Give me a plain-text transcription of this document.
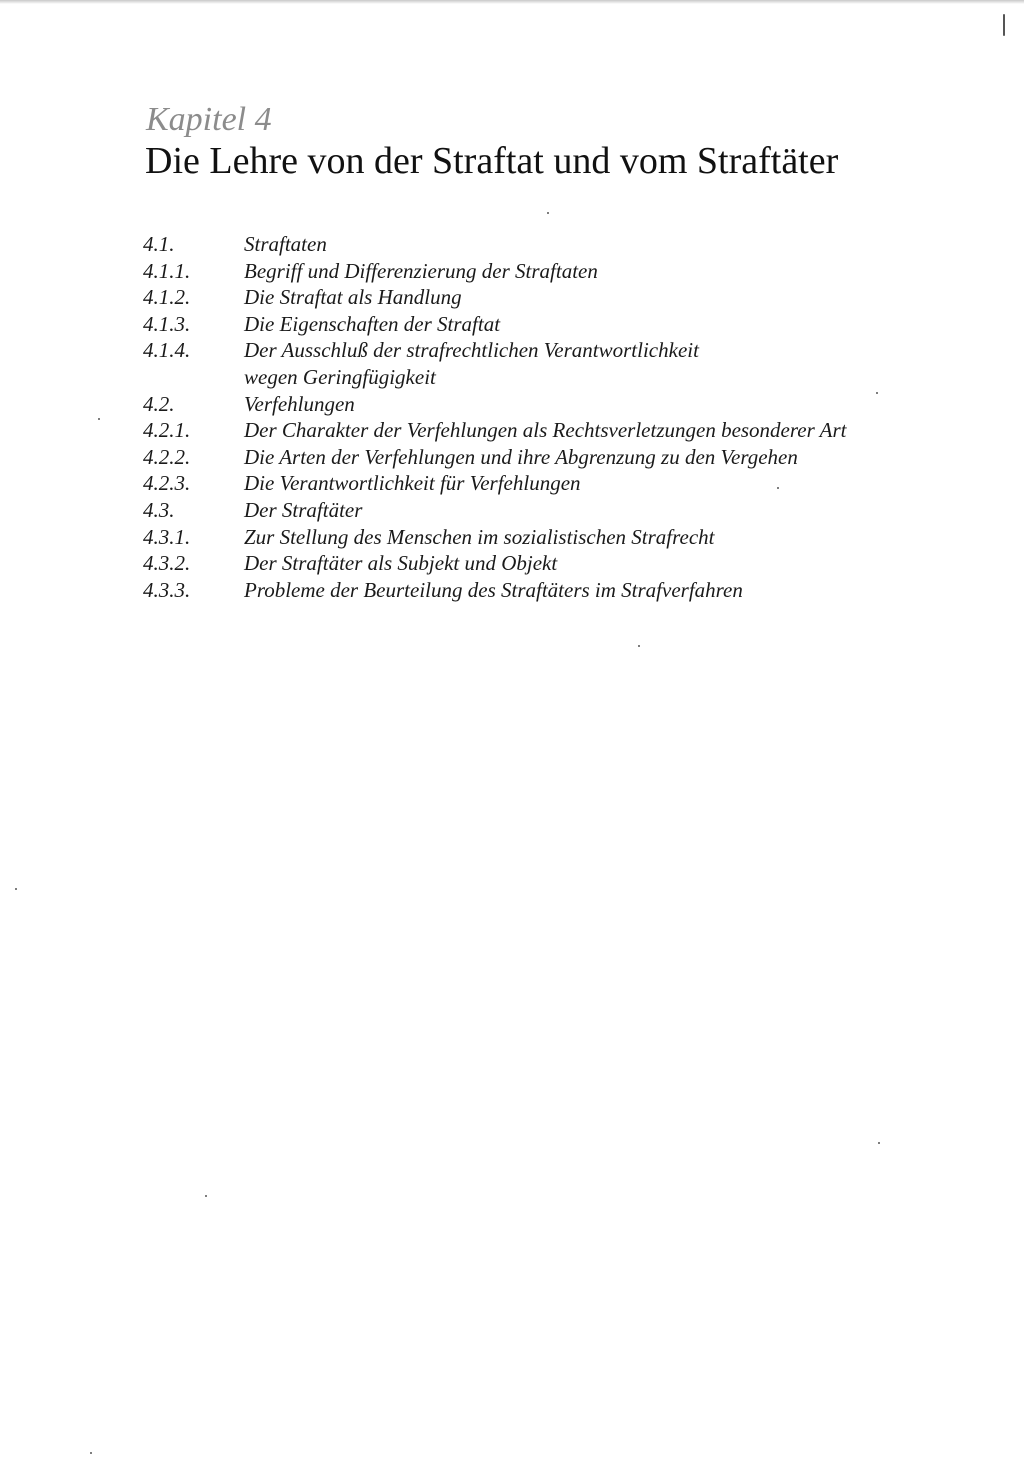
Kapitel 4
Die Lehre von der Straftat und vom Straftäter
4.1.	Straftaten
4.1.1.	Begriff und Differenzierung der Straftaten
4.1.2.	Die Straftat als Handlung
4.1.3.	Die Eigenschaften der Straftat
4.1.4.	Der Ausschluß der strafrechtlichen Verantwortlichkeit
wegen Geringfügigkeit
4.2.	Verfehlungen
4.2.1.	Der Charakter der Verfehlungen als Rechtsverletzungen besonderer Art
4.2.2.	Die Arten der Verfehlungen und ihre Abgrenzung zu den Vergehen
4.2.3.	Die Verantwortlichkeit für Verfehlungen
4.3.	Der Straftäter
4.3.1.	Zur Stellung des Menschen im sozialistischen Strafrecht
4.3.2.	Der Straftäter als Subjekt und Objekt
4.3.3.	Probleme der Beurteilung des Straftäters im Strafverfahren
